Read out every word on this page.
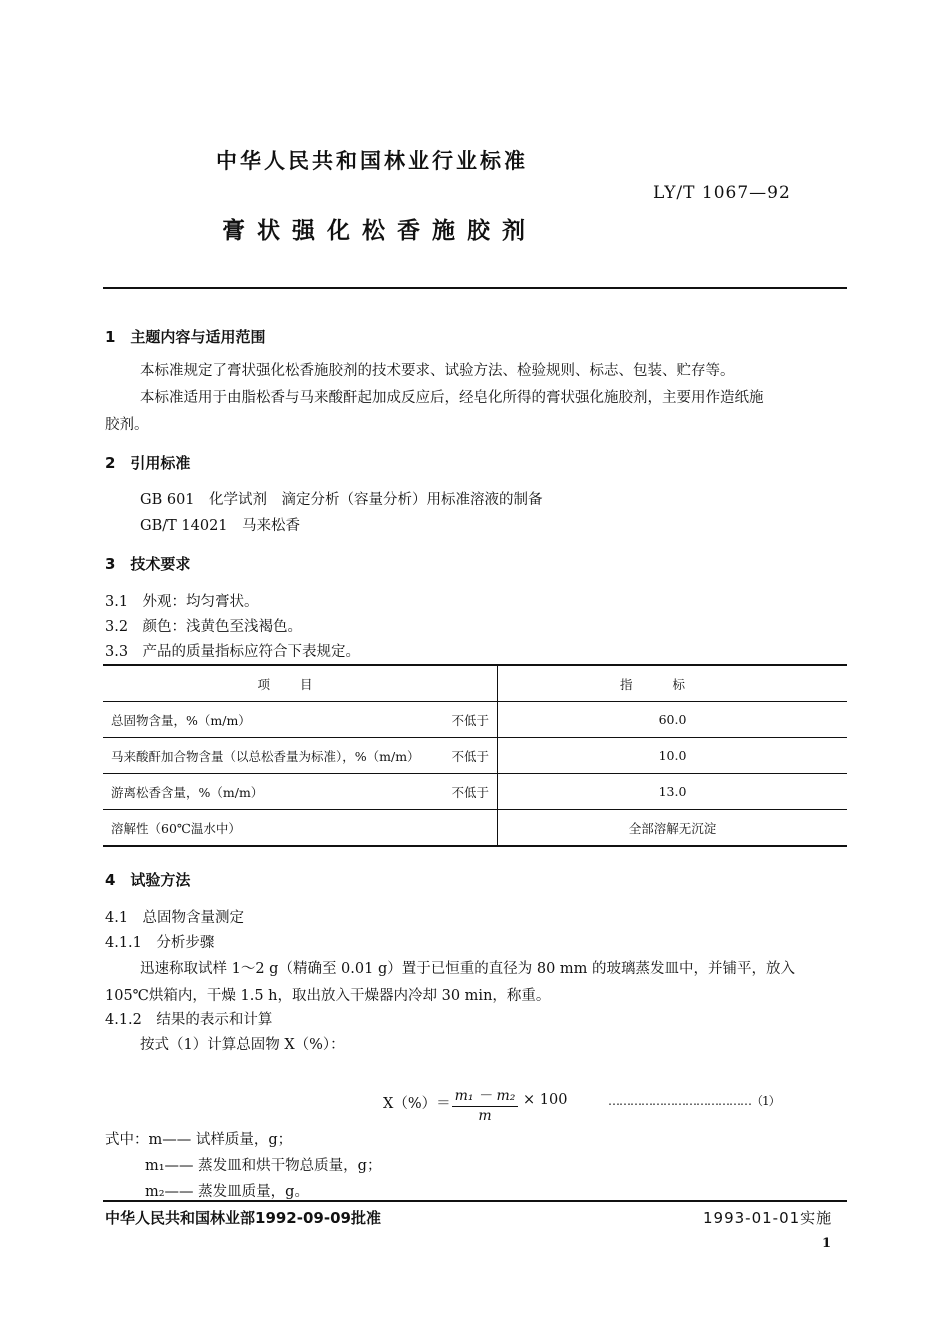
中华人民共和国林业行业标准
LY/T 1067—92
膏状强化松香施胶剂
1　主题内容与适用范围
本标准规定了膏状强化松香施胶剂的技术要求、试验方法、检验规则、标志、包装、贮存等。
本标准适用于由脂松香与马来酸酐起加成反应后，经皂化所得的膏状强化施胶剂，主要用作造纸施
胶剂。
2　引用标准
GB 601　化学试剂　滴定分析（容量分析）用标准溶液的制备
GB/T 14021　马来松香
3　技术要求
3.1　外观：均匀膏状。
3.2　颜色：浅黄色至浅褐色。
3.3　产品的质量指标应符合下表规定。
项目	指标

总固物含量，%（m/m） 不低于	60.0

马来酸酐加合物含量（以总松香量为标准），%（m/m） 不低于	10.0

游离松香含量，%（m/m） 不低于	13.0

溶解性（60℃温水中）	全部溶解无沉淀
4　试验方法
4.1　总固物含量测定
4.1.1　分析步骤
迅速称取试样 1～2 g（精确至 0.01 g）置于已恒重的直径为 80 mm 的玻璃蒸发皿中，并铺平，放入
105℃烘箱内，干燥 1.5 h，取出放入干燥器内冷却 30 min，称重。
4.1.2　结果的表示和计算
按式（1）计算总固物 X（%）：
$X(\%)= \frac{\text{m₁ － m₂}}{m} \times 100$	…………………………………（1）
式中：m—— 试样质量，g；
m₁—— 蒸发皿和烘干物总质量，g；
m₂—— 蒸发皿质量，g。
中华人民共和国林业部1992-09-09批准	1993-01-01实施
1
